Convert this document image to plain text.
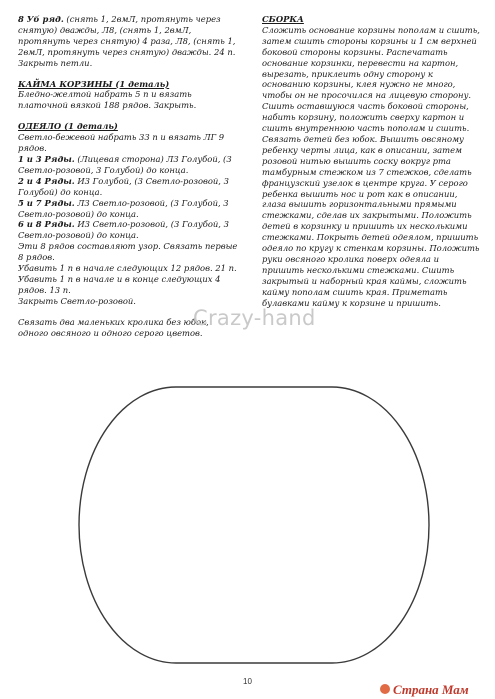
8 Уб ряд. (снять 1, 2вмЛ, протянуть через снятую) дважды, Л8, (снять 1, 2вмЛ, протянуть через снятую) 4 раза, Л8, (снять 1, 2вмЛ, протянуть через снятую) дважды. 24 п.

Закрыть петли.

КАЙМА КОРЗИНЫ (1 деталь)

Бледно-желтой набрать 5 п и вязать платочной вязкой 188 рядов. Закрыть.

ОДЕЯЛО (1 деталь)

Светло-бежевой набрать 33 п и вязать ЛГ 9 рядов.

1 и 3 Ряды. (Лицевая сторона) Л3 Голубой, (3 Светло-розовой, 3 Голубой) до конца.

2 и 4 Ряды. И3 Голубой, (3 Светло-розовой, 3 Голубой) до конца.

5 и 7 Ряды. Л3 Светло-розовой, (3 Голубой, 3 Светло-розовой) до конца.

6 и 8 Ряды. И3 Светло-розовой, (3 Голубой, 3 Светло-розовой) до конца.

Эти 8 рядов составляют узор. Связать первые 8 рядов.

Убавить 1 п в начале следующих 12 рядов. 21 п.

Убавить 1 п в начале и в конце следующих 4 рядов. 13 п.

Закрыть Светло-розовой.

Связать два маленьких кролика без юбок, одного овсяного и одного серого цветов.

СБОРКА

Сложить основание корзины пополам и сшить, затем сшить стороны корзины и 1 см верхней боковой стороны корзины. Распечатать основание корзинки, перевести на картон, вырезать, приклеить одну сторону к основанию корзины, клея нужно не много, чтобы он не просочился на лицевую сторону. Сшить оставшуюся часть боковой стороны, набить корзину, положить сверху картон и сшить внутреннюю часть пополам и сшить. Связать детей без юбок. Вышить овсяному ребенку черты лица, как в описании, затем розовой нитью вышить соску вокруг рта тамбурным стежком из 7 стежков, сделать французский узелок в центре круга. У серого ребенка вышить нос и рот как в описании, глаза вышить горизонтальными прямыми стежками, сделав их закрытыми. Положить детей в корзинку и пришить их несколькими стежками. Покрыть детей одеялом, пришить одеяло по кругу к стенкам корзины. Положить руки овсяного кролика поверх одеяла и пришить несколькими стежками. Сшить закрытый и наборный края каймы, сложить кайму пополам сшить края. Приметать булавками кайму к корзине и пришить.

Crazy-hand
10
Страна Мам
